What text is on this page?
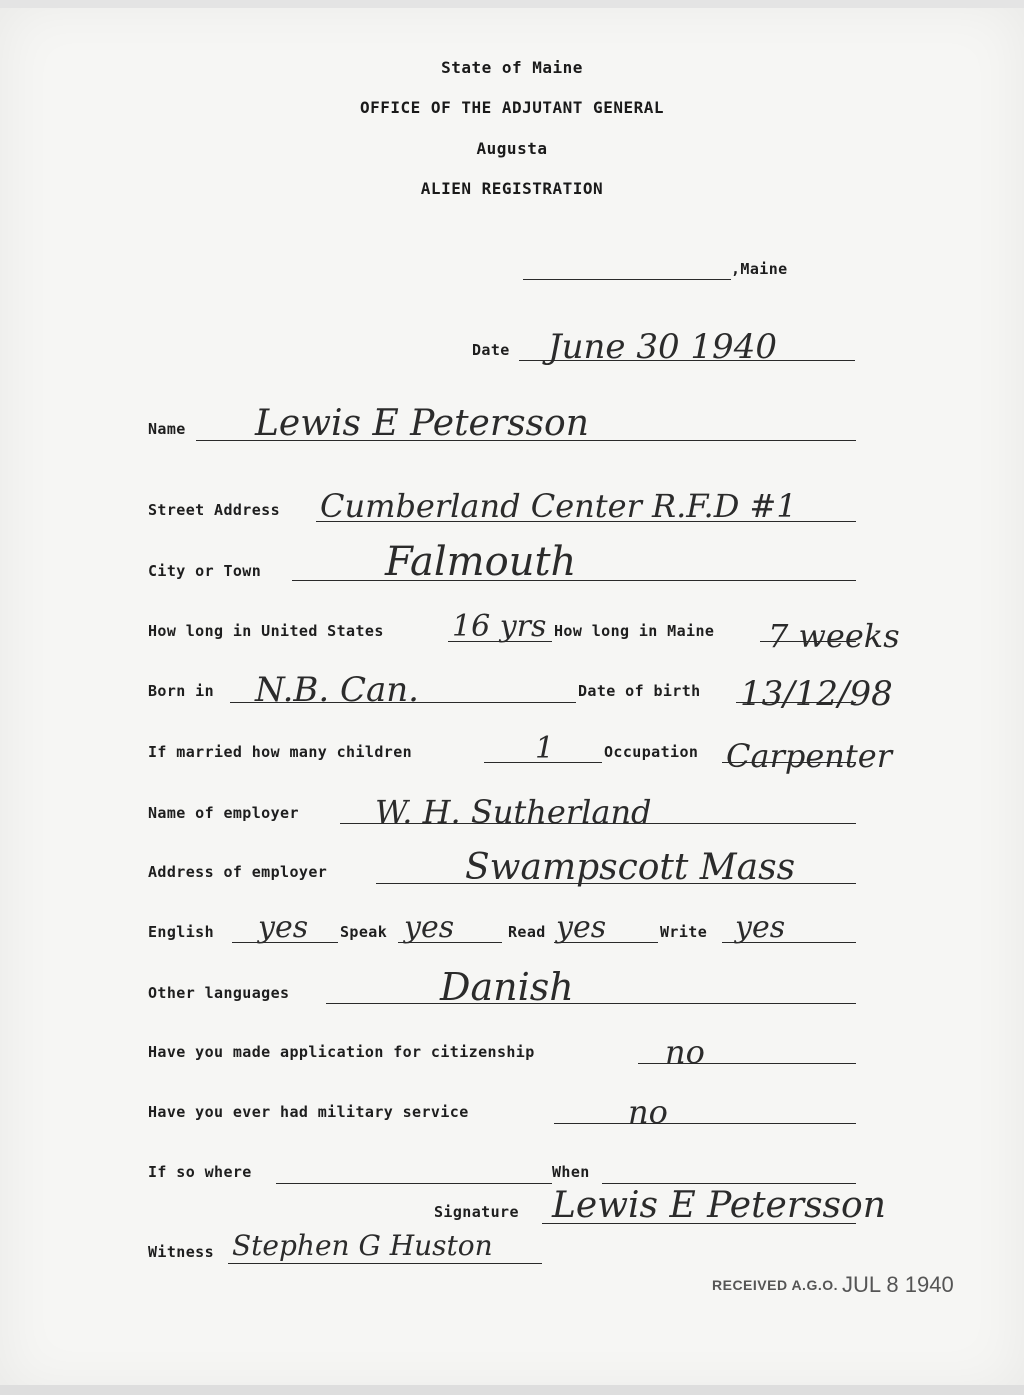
State of Maine
OFFICE OF THE ADJUTANT GENERAL
Augusta
ALIEN REGISTRATION
,Maine
Date June 30 1940
Name Lewis E Petersson
Street Address Cumberland Center R.F.D #1
City or Town	Falmouth
How long in United States 16 yrs How long in Maine 7 weeks
Born in N.B. Can.	Date of birth 13/12/98
If married how many children	1	Occupation Carpenter
Name of employer W. H. Sutherland
Address of employer	Swampscott Mass
English yes Speak yes	Read yes	Write yes
Other languages	Danish
Have you made application for citizenship	no
Have you ever had military service	no
If so where	When
Signature Lewis E Petersson
Witness Stephen G Huston
RECEIVED A.G.O. JUL 8 1940
